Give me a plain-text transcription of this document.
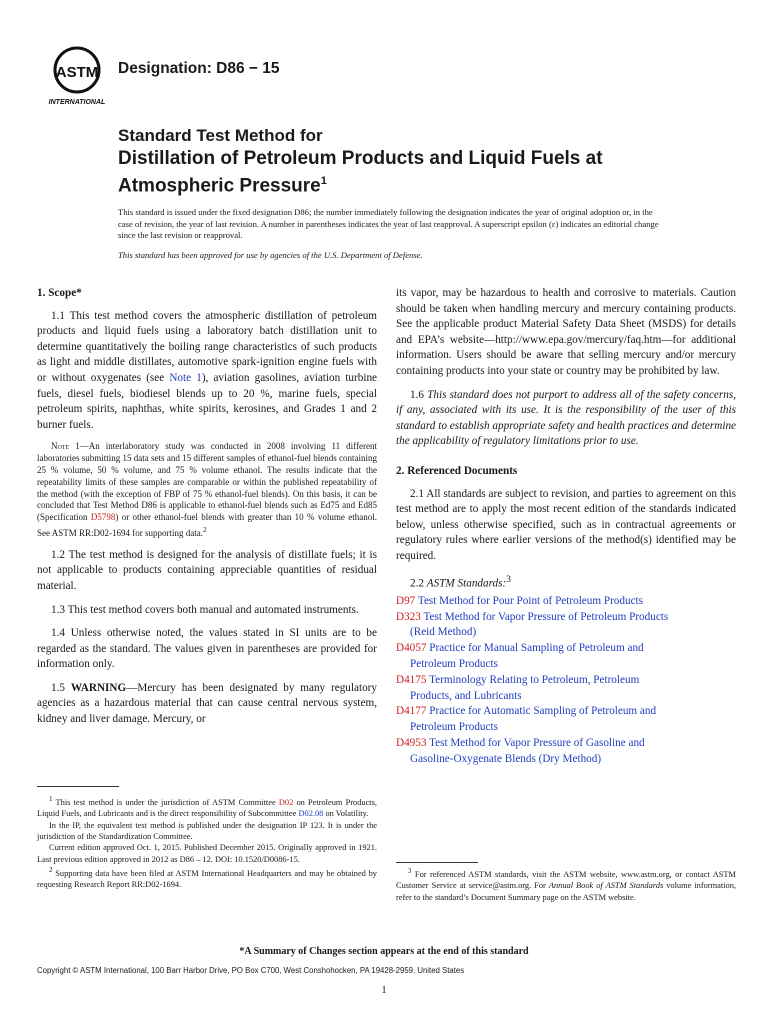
ASTM
INTERNATIONAL
Designation: D86 − 15
Standard Test Method for
Distillation of Petroleum Products and Liquid Fuels at
Atmospheric Pressure$^1$
This standard is issued under the fixed designation D86; the number immediately following the designation indicates the year of original adoption or, in the case of revision, the year of last revision. A number in parentheses indicates the year of last reapproval. A superscript epsilon (ε) indicates an editorial change since the last revision or reapproval.
This standard has been approved for use by agencies of the U.S. Department of Defense.
1. Scope*

1.1 This test method covers the atmospheric distillation of petroleum products and liquid fuels using a laboratory batch distillation unit to determine quantitatively the boiling range characteristics of such products as light and middle distillates, automotive spark-ignition engine fuels with or without oxygenates (see Note 1), aviation gasolines, aviation turbine fuels, diesel fuels, biodiesel blends up to 20 %, marine fuels, special petroleum spirits, naphthas, white spirits, kerosines, and Grades 1 and 2 burner fuels.

Note 1—An interlaboratory study was conducted in 2008 involving 11 different laboratories submitting 15 data sets and 15 different samples of ethanol-fuel blends containing 25 % volume, 50 % volume, and 75 % volume ethanol. The results indicate that the repeatability limits of these samples are comparable or within the published repeatability of the method (with the exception of FBP of 75 % ethanol-fuel blends). On this basis, it can be concluded that Test Method D86 is applicable to ethanol-fuel blends such as Ed75 and Ed85 (Specification D5798) or other ethanol-fuel blends with greater than 10 % volume ethanol. See ASTM RR:D02-1694 for supporting data.$^2$

1.2 The test method is designed for the analysis of distillate fuels; it is not applicable to products containing appreciable quantities of residual material.

1.3 This test method covers both manual and automated instruments.

1.4 Unless otherwise noted, the values stated in SI units are to be regarded as the standard. The values given in parentheses are provided for information only.

1.5 WARNING—Mercury has been designated by many regulatory agencies as a hazardous material that can cause central nervous system, kidney and liver damage. Mercury, or

its vapor, may be hazardous to health and corrosive to materials. Caution should be taken when handling mercury and mercury containing products. See the applicable product Material Safety Data Sheet (MSDS) for details and EPA’s website—http://www.epa.gov/mercury/faq.htm—for additional information. Users should be aware that selling mercury and/or mercury containing products into your state or country may be prohibited by law.

1.6 This standard does not purport to address all of the safety concerns, if any, associated with its use. It is the responsibility of the user of this standard to establish appropriate safety and health practices and determine the applicability of regulatory limitations prior to use.

2. Referenced Documents

2.1 All standards are subject to revision, and parties to agreement on this test method are to apply the most recent edition of the standards indicated below, unless otherwise specified, such as in contractual agreements or regulatory rules where earlier versions of the method(s) identified may be required.

2.2 ASTM Standards:$^3$
D97 Test Method for Pour Point of Petroleum Products
D323 Test Method for Vapor Pressure of Petroleum Products
(Reid Method)
D4057 Practice for Manual Sampling of Petroleum and
Petroleum Products
D4175 Terminology Relating to Petroleum, Petroleum
Products, and Lubricants
D4177 Practice for Automatic Sampling of Petroleum and
Petroleum Products
D4953 Test Method for Vapor Pressure of Gasoline and
Gasoline-Oxygenate Blends (Dry Method)

$^1$ This test method is under the jurisdiction of ASTM Committee D02 on Petroleum Products, Liquid Fuels, and Lubricants and is the direct responsibility of Subcommittee D02.08 on Volatility.

In the IP, the equivalent test method is published under the designation IP 123. It is under the jurisdiction of the Standardization Committee.

Current edition approved Oct. 1, 2015. Published December 2015. Originally approved in 1921. Last previous edition approved in 2012 as D86 – 12. DOI: 10.1520/D0086-15.

$^2$ Supporting data have been filed at ASTM International Headquarters and may be obtained by requesting Research Report RR:D02-1694.

$^3$ For referenced ASTM standards, visit the ASTM website, www.astm.org, or contact ASTM Customer Service at service@astm.org. For Annual Book of ASTM Standards volume information, refer to the standard’s Document Summary page on the ASTM website.

*A Summary of Changes section appears at the end of this standard
Copyright © ASTM International, 100 Barr Harbor Drive, PO Box C700, West Conshohocken, PA 19428-2959. United States
1
